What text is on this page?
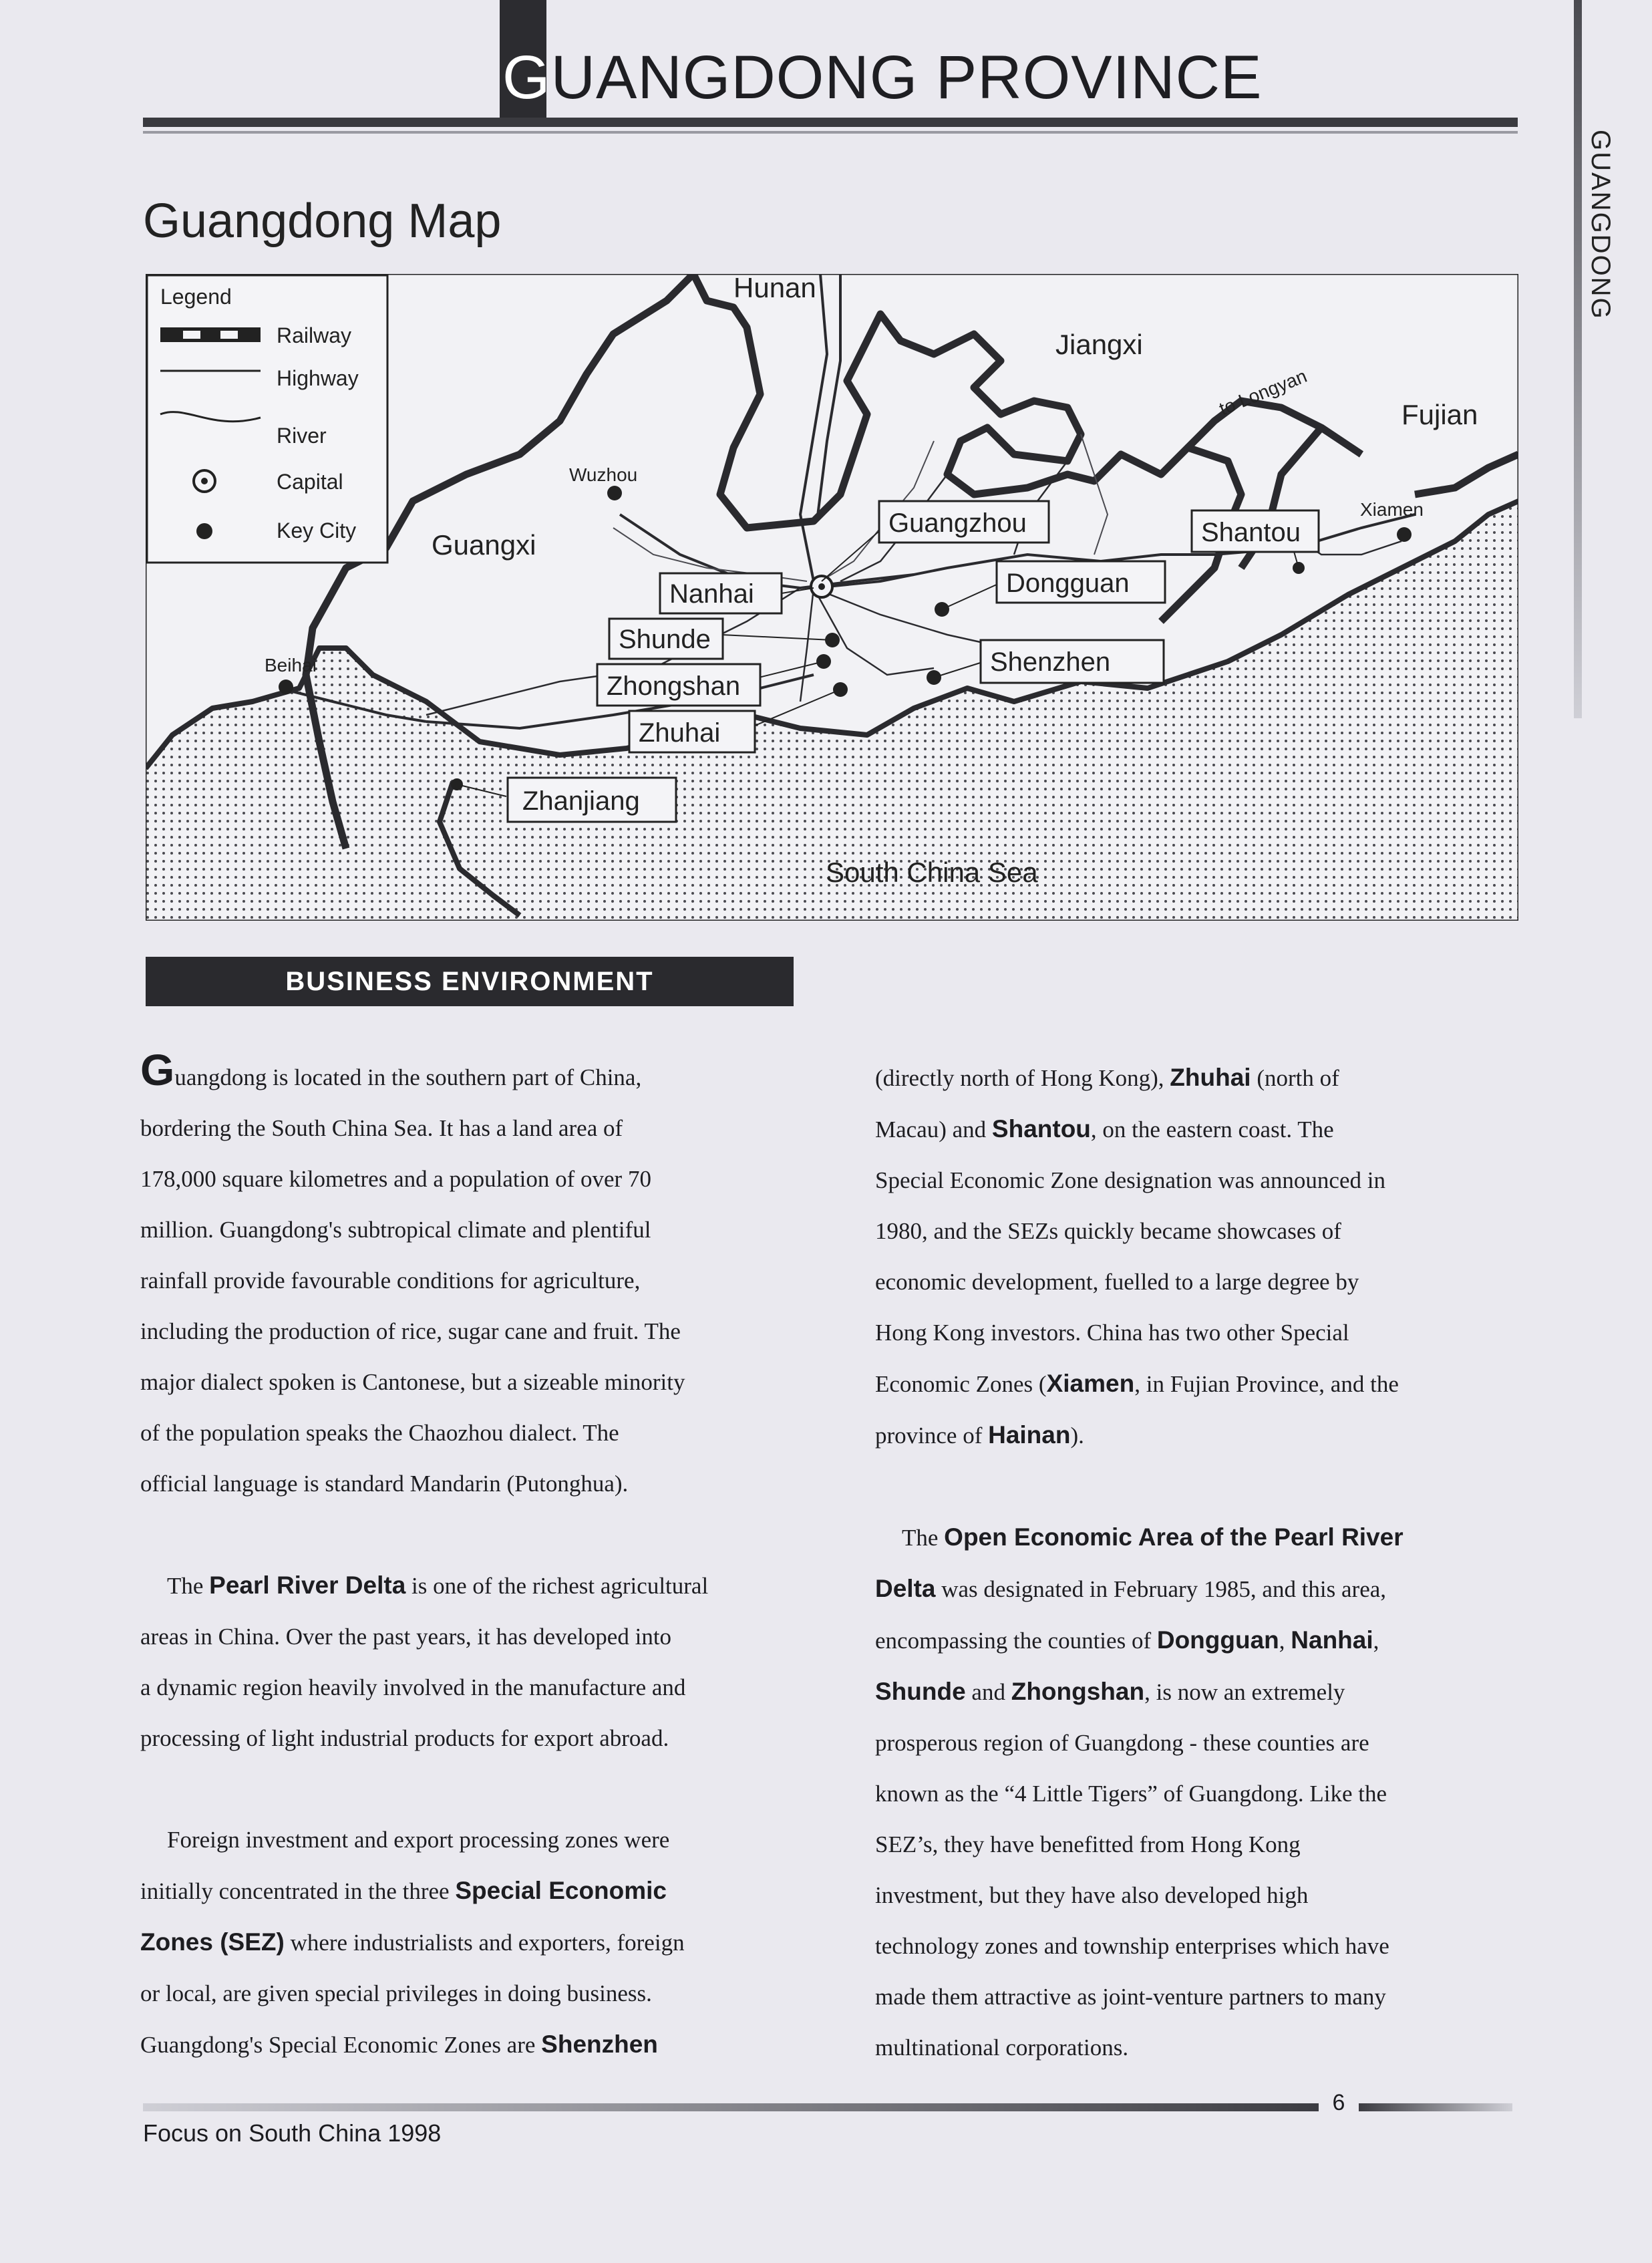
GUANGDONG PROVINCE
GUANGDONG
Guangdong Map
Legend
Railway
Highway
River
Capital
Key City
Hunan
Jiangxi
Fujian
Guangxi
South China Sea
to Longyan
Wuzhou
Beihai
Xiamen
Guangzhou	Shantou
Nanhai	Dongguan
Shunde
Shenzhen
Zhongshan
Zhuhai
Zhanjiang
BUSINESS ENVIRONMENT

Guangdong is located in the southern part of China,
bordering the South China Sea. It has a land area of
178,000 square kilometres and a population of over 70
million. Guangdong's subtropical climate and plentiful
rainfall provide favourable conditions for agriculture,
including the production of rice, sugar cane and fruit. The
major dialect spoken is Cantonese, but a sizeable minority
of the population speaks the Chaozhou dialect. The
official language is standard Mandarin (Putonghua).

The Pearl River Delta is one of the richest agricultural

areas in China. Over the past years, it has developed into
a dynamic region heavily involved in the manufacture and
processing of light industrial products for export abroad.

Foreign investment and export processing zones were

initially concentrated in the three Special Economic
Zones (SEZ) where industrialists and exporters, foreign
or local, are given special privileges in doing business.
Guangdong's Special Economic Zones are Shenzhen

(directly north of Hong Kong), Zhuhai (north of
Macau) and Shantou, on the eastern coast. The
Special Economic Zone designation was announced in
1980, and the SEZs quickly became showcases of
economic development, fuelled to a large degree by
Hong Kong investors. China has two other Special
Economic Zones (Xiamen, in Fujian Province, and the
province of Hainan).

The Open Economic Area of the Pearl River

Delta was designated in February 1985, and this area,
encompassing the counties of Dongguan, Nanhai,
Shunde and Zhongshan, is now an extremely
prosperous region of Guangdong - these counties are
known as the “4 Little Tigers” of Guangdong. Like the
SEZ’s, they have benefitted from Hong Kong
investment, but they have also developed high
technology zones and township enterprises which have
made them attractive as joint-venture partners to many
multinational corporations.

6
Focus on South China 1998
